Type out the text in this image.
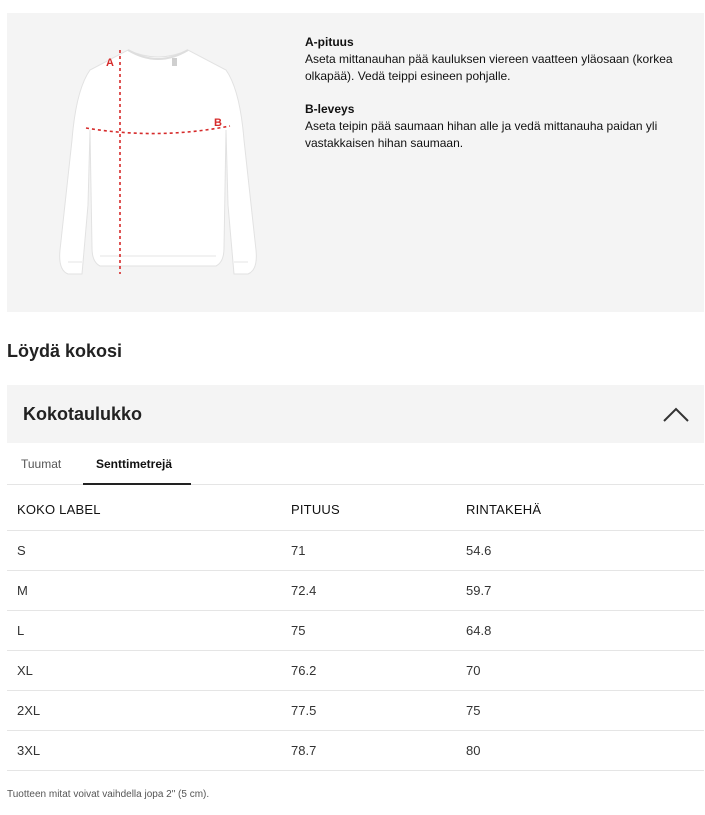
A
B
A-pituus
Aseta mittanauhan pää kauluksen viereen vaatteen yläosaan (korkea olkapää). Vedä teippi esineen pohjalle.
B-leveys
Aseta teipin pää saumaan hihan alle ja vedä mittanauha paidan yli vastakkaisen hihan saumaan.
Löydä kokosi
Kokotaulukko
Tuumat	Senttimetrejä
KOKO LABEL	PITUUS	RINTAKEHÄ
S	71	54.6
M	72.4	59.7
L	75	64.8
XL	76.2	70
2XL	77.5	75
3XL	78.7	80
Tuotteen mitat voivat vaihdella jopa 2" (5 cm).
